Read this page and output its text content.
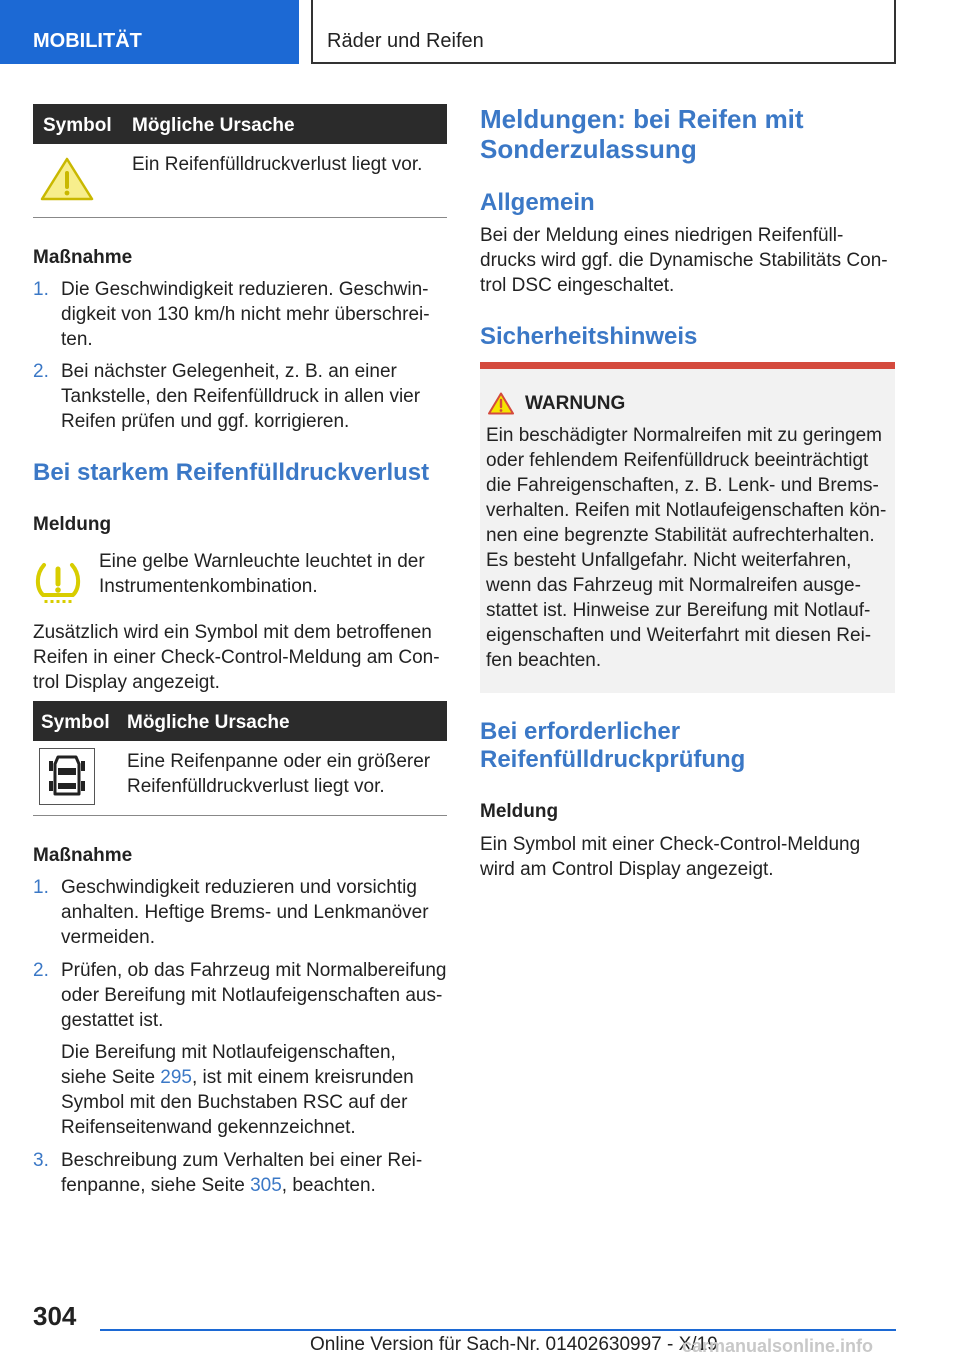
MOBILITÄT	Räder und Reifen
Symbol Mögliche Ursache
Ein Reifenfülldruckverlust liegt vor.
Maßnahme
1. Die Geschwindigkeit reduzieren. Geschwin-
digkeit von 130 km/h nicht mehr überschrei-
ten.
2. Bei nächster Gelegenheit, z. B. an einer
Tankstelle, den Reifenfülldruck in allen vier
Reifen prüfen und ggf. korrigieren.
Bei starkem Reifenfülldruckverlust
Meldung
Eine gelbe Warnleuchte leuchtet in der
Instrumentenkombination.
Zusätzlich wird ein Symbol mit dem betroffenen
Reifen in einer Check-Control-Meldung am Con-
trol Display angezeigt.
Symbol Mögliche Ursache
Eine Reifenpanne oder ein größerer
Reifenfülldruckverlust liegt vor.
Maßnahme
1. Geschwindigkeit reduzieren und vorsichtig
anhalten. Heftige Brems- und Lenkmanöver
vermeiden.
2. Prüfen, ob das Fahrzeug mit Normalbereifung
oder Bereifung mit Notlaufeigenschaften aus-
gestattet ist.
Die Bereifung mit Notlaufeigenschaften,
siehe Seite 295, ist mit einem kreisrunden
Symbol mit den Buchstaben RSC auf der
Reifenseitenwand gekennzeichnet.
3. Beschreibung zum Verhalten bei einer Rei-
fenpanne, siehe Seite 305, beachten.
Meldungen: bei Reifen mit
Sonderzulassung
Allgemein
Bei der Meldung eines niedrigen Reifenfüll-
drucks wird ggf. die Dynamische Stabilitäts Con-
trol DSC eingeschaltet.
Sicherheitshinweis
WARNUNG
Ein beschädigter Normalreifen mit zu geringem
oder fehlendem Reifenfülldruck beeinträchtigt
die Fahreigenschaften, z. B. Lenk- und Brems-
verhalten. Reifen mit Notlaufeigenschaften kön-
nen eine begrenzte Stabilität aufrechterhalten.
Es besteht Unfallgefahr. Nicht weiterfahren,
wenn das Fahrzeug mit Normalreifen ausge-
stattet ist. Hinweise zur Bereifung mit Notlauf-
eigenschaften und Weiterfahrt mit diesen Rei-
fen beachten.
Bei erforderlicher
Reifenfülldruckprüfung
Meldung
Ein Symbol mit einer Check-Control-Meldung
wird am Control Display angezeigt.
304
Online Version für Sach-Nr. 01402630997 - X/19
carmanualsonline.info
